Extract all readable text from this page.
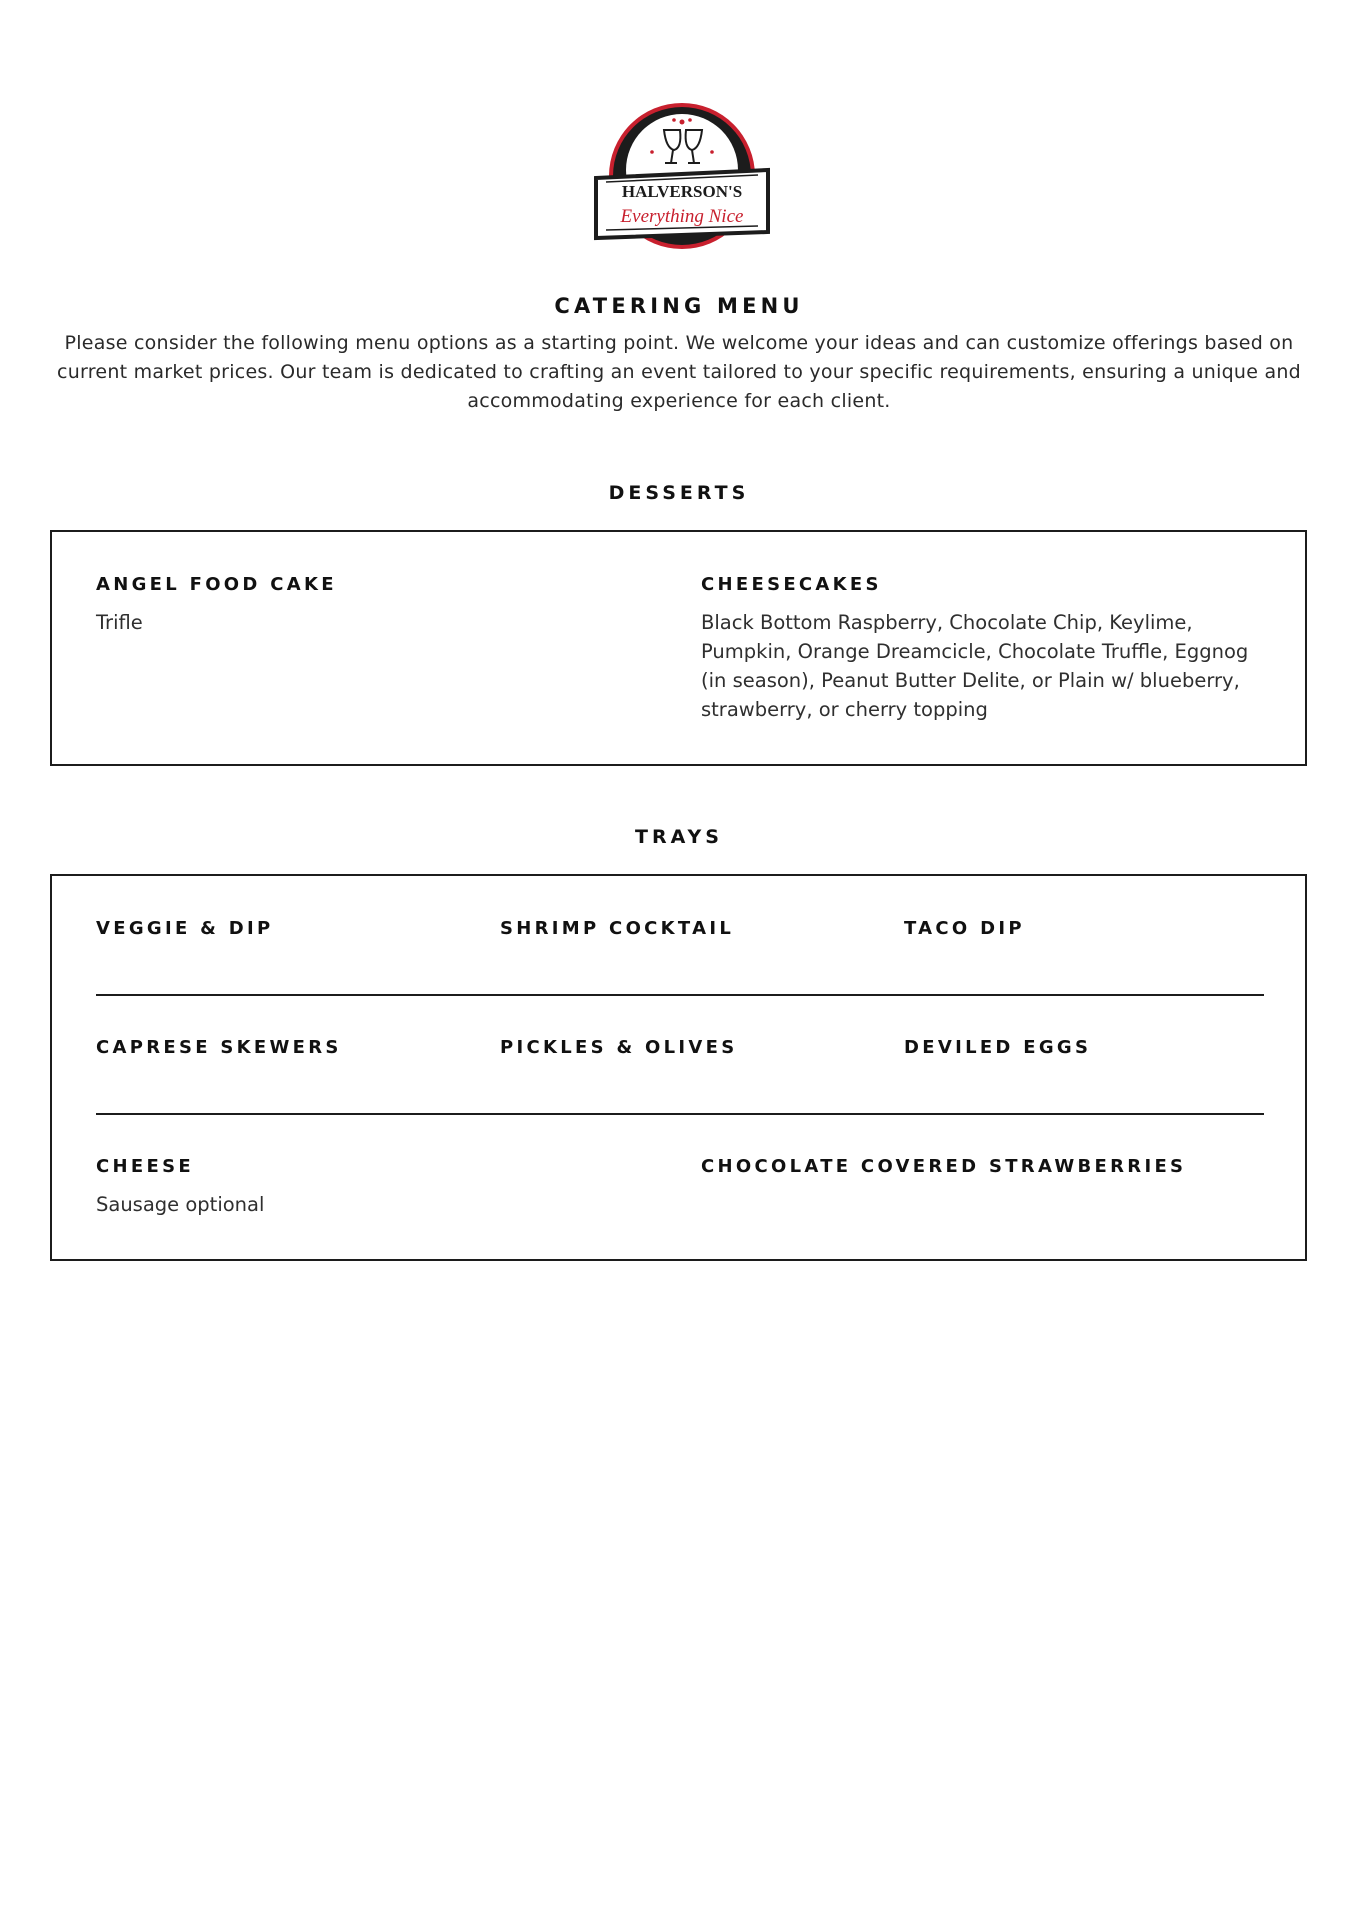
HALVERSON'S
Everything Nice
CATERING MENU
Please consider the following menu options as a starting point. We welcome your ideas and can customize offerings based on current market prices. Our team is dedicated to crafting an event tailored to your specific requirements, ensuring a unique and accommodating experience for each client.
DESSERTS
ANGEL FOOD CAKE
Trifle
CHEESECAKES
Black Bottom Raspberry, Chocolate Chip, Keylime, Pumpkin, Orange Dreamcicle, Chocolate Truffle, Eggnog (in season), Peanut Butter Delite, or Plain w/ blueberry, strawberry, or cherry topping
TRAYS
VEGGIE & DIP	SHRIMP COCKTAIL	TACO DIP
CAPRESE SKEWERS	PICKLES & OLIVES	DEVILED EGGS
CHEESE
Sausage optional
CHOCOLATE COVERED STRAWBERRIES
